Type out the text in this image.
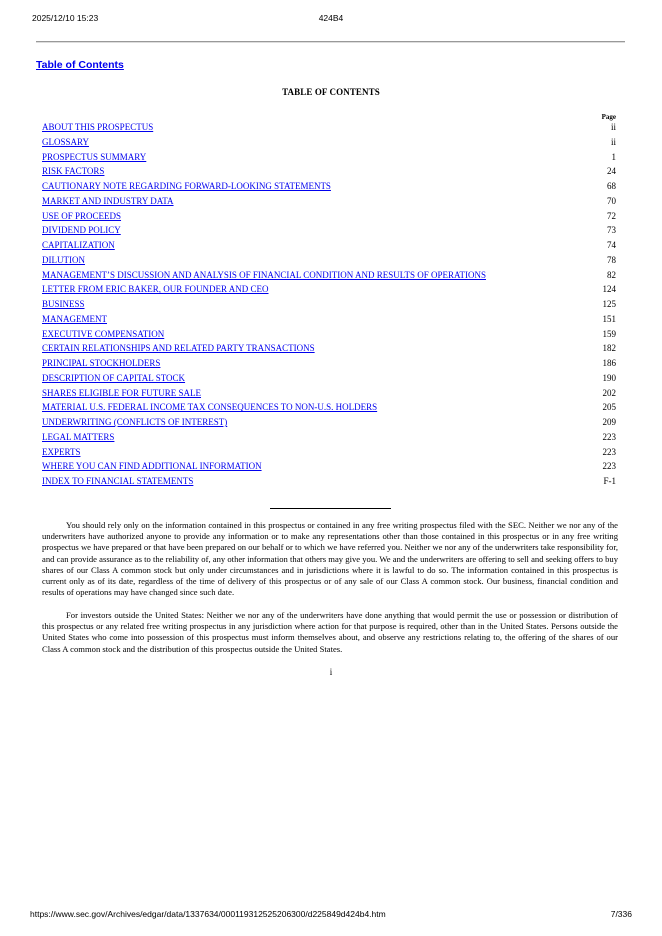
2025/12/10 15:23	424B4
Table of Contents
TABLE OF CONTENTS
Page
ABOUT THIS PROSPECTUS	ii
GLOSSARY	ii
PROSPECTUS SUMMARY	1
RISK FACTORS	24
CAUTIONARY NOTE REGARDING FORWARD-LOOKING STATEMENTS	68
MARKET AND INDUSTRY DATA	70
USE OF PROCEEDS	72
DIVIDEND POLICY	73
CAPITALIZATION	74
DILUTION	78
MANAGEMENT’S DISCUSSION AND ANALYSIS OF FINANCIAL CONDITION AND RESULTS OF OPERATIONS	82
LETTER FROM ERIC BAKER, OUR FOUNDER AND CEO	124
BUSINESS	125
MANAGEMENT	151
EXECUTIVE COMPENSATION	159
CERTAIN RELATIONSHIPS AND RELATED PARTY TRANSACTIONS	182
PRINCIPAL STOCKHOLDERS	186
DESCRIPTION OF CAPITAL STOCK	190
SHARES ELIGIBLE FOR FUTURE SALE	202
MATERIAL U.S. FEDERAL INCOME TAX CONSEQUENCES TO NON-U.S. HOLDERS	205
UNDERWRITING (CONFLICTS OF INTEREST)	209
LEGAL MATTERS	223
EXPERTS	223
WHERE YOU CAN FIND ADDITIONAL INFORMATION	223
INDEX TO FINANCIAL STATEMENTS	F-1

You should rely only on the information contained in this prospectus or contained in any free writing prospectus filed with the SEC. Neither we nor any of the underwriters have authorized anyone to provide any information or to make any representations other than those contained in this prospectus or in any free writing prospectus we have prepared or that have been prepared on our behalf or to which we have referred you. Neither we nor any of the underwriters take responsibility for, and can provide assurance as to the reliability of, any other information that others may give you. We and the underwriters are offering to sell and seeking offers to buy shares of our Class A common stock but only under circumstances and in jurisdictions where it is lawful to do so. The information contained in this prospectus is current only as of its date, regardless of the time of delivery of this prospectus or of any sale of our Class A common stock. Our business, financial condition and results of operations may have changed since such date.

For investors outside the United States: Neither we nor any of the underwriters have done anything that would permit the use or possession or distribution of this prospectus or any related free writing prospectus in any jurisdiction where action for that purpose is required, other than in the United States. Persons outside the United States who come into possession of this prospectus must inform themselves about, and observe any restrictions relating to, the offering of the shares of our Class A common stock and the distribution of this prospectus outside the United States.

i
https://www.sec.gov/Archives/edgar/data/1337634/000119312525206300/d225849d424b4.htm	7/336
